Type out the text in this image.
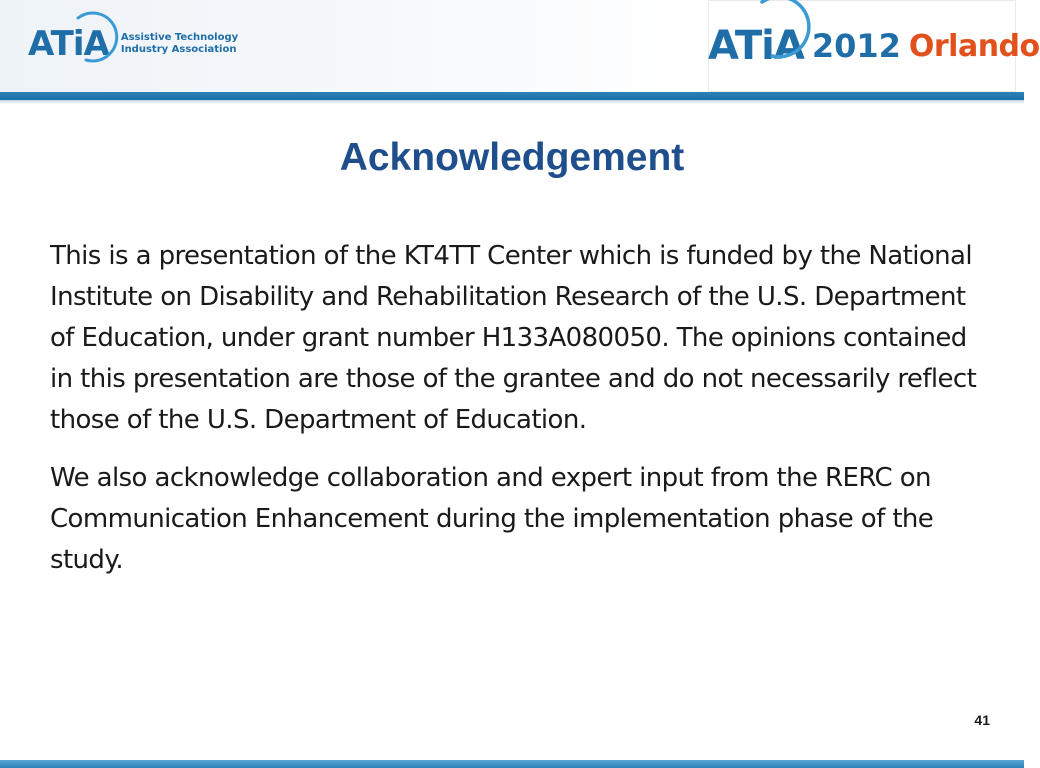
ATiA Assistive Technology
Industry Association	ATiA 2012 Orlando
Acknowledgement

This is a presentation of the KT4TT Center which is funded by the National Institute on Disability and Rehabilitation Research of the U.S. Department of Education, under grant number H133A080050. The opinions contained in this presentation are those of the grantee and do not necessarily reflect those of the U.S. Department of Education.

We also acknowledge collaboration and expert input from the RERC on Communication Enhancement during the implementation phase of the study.

41
